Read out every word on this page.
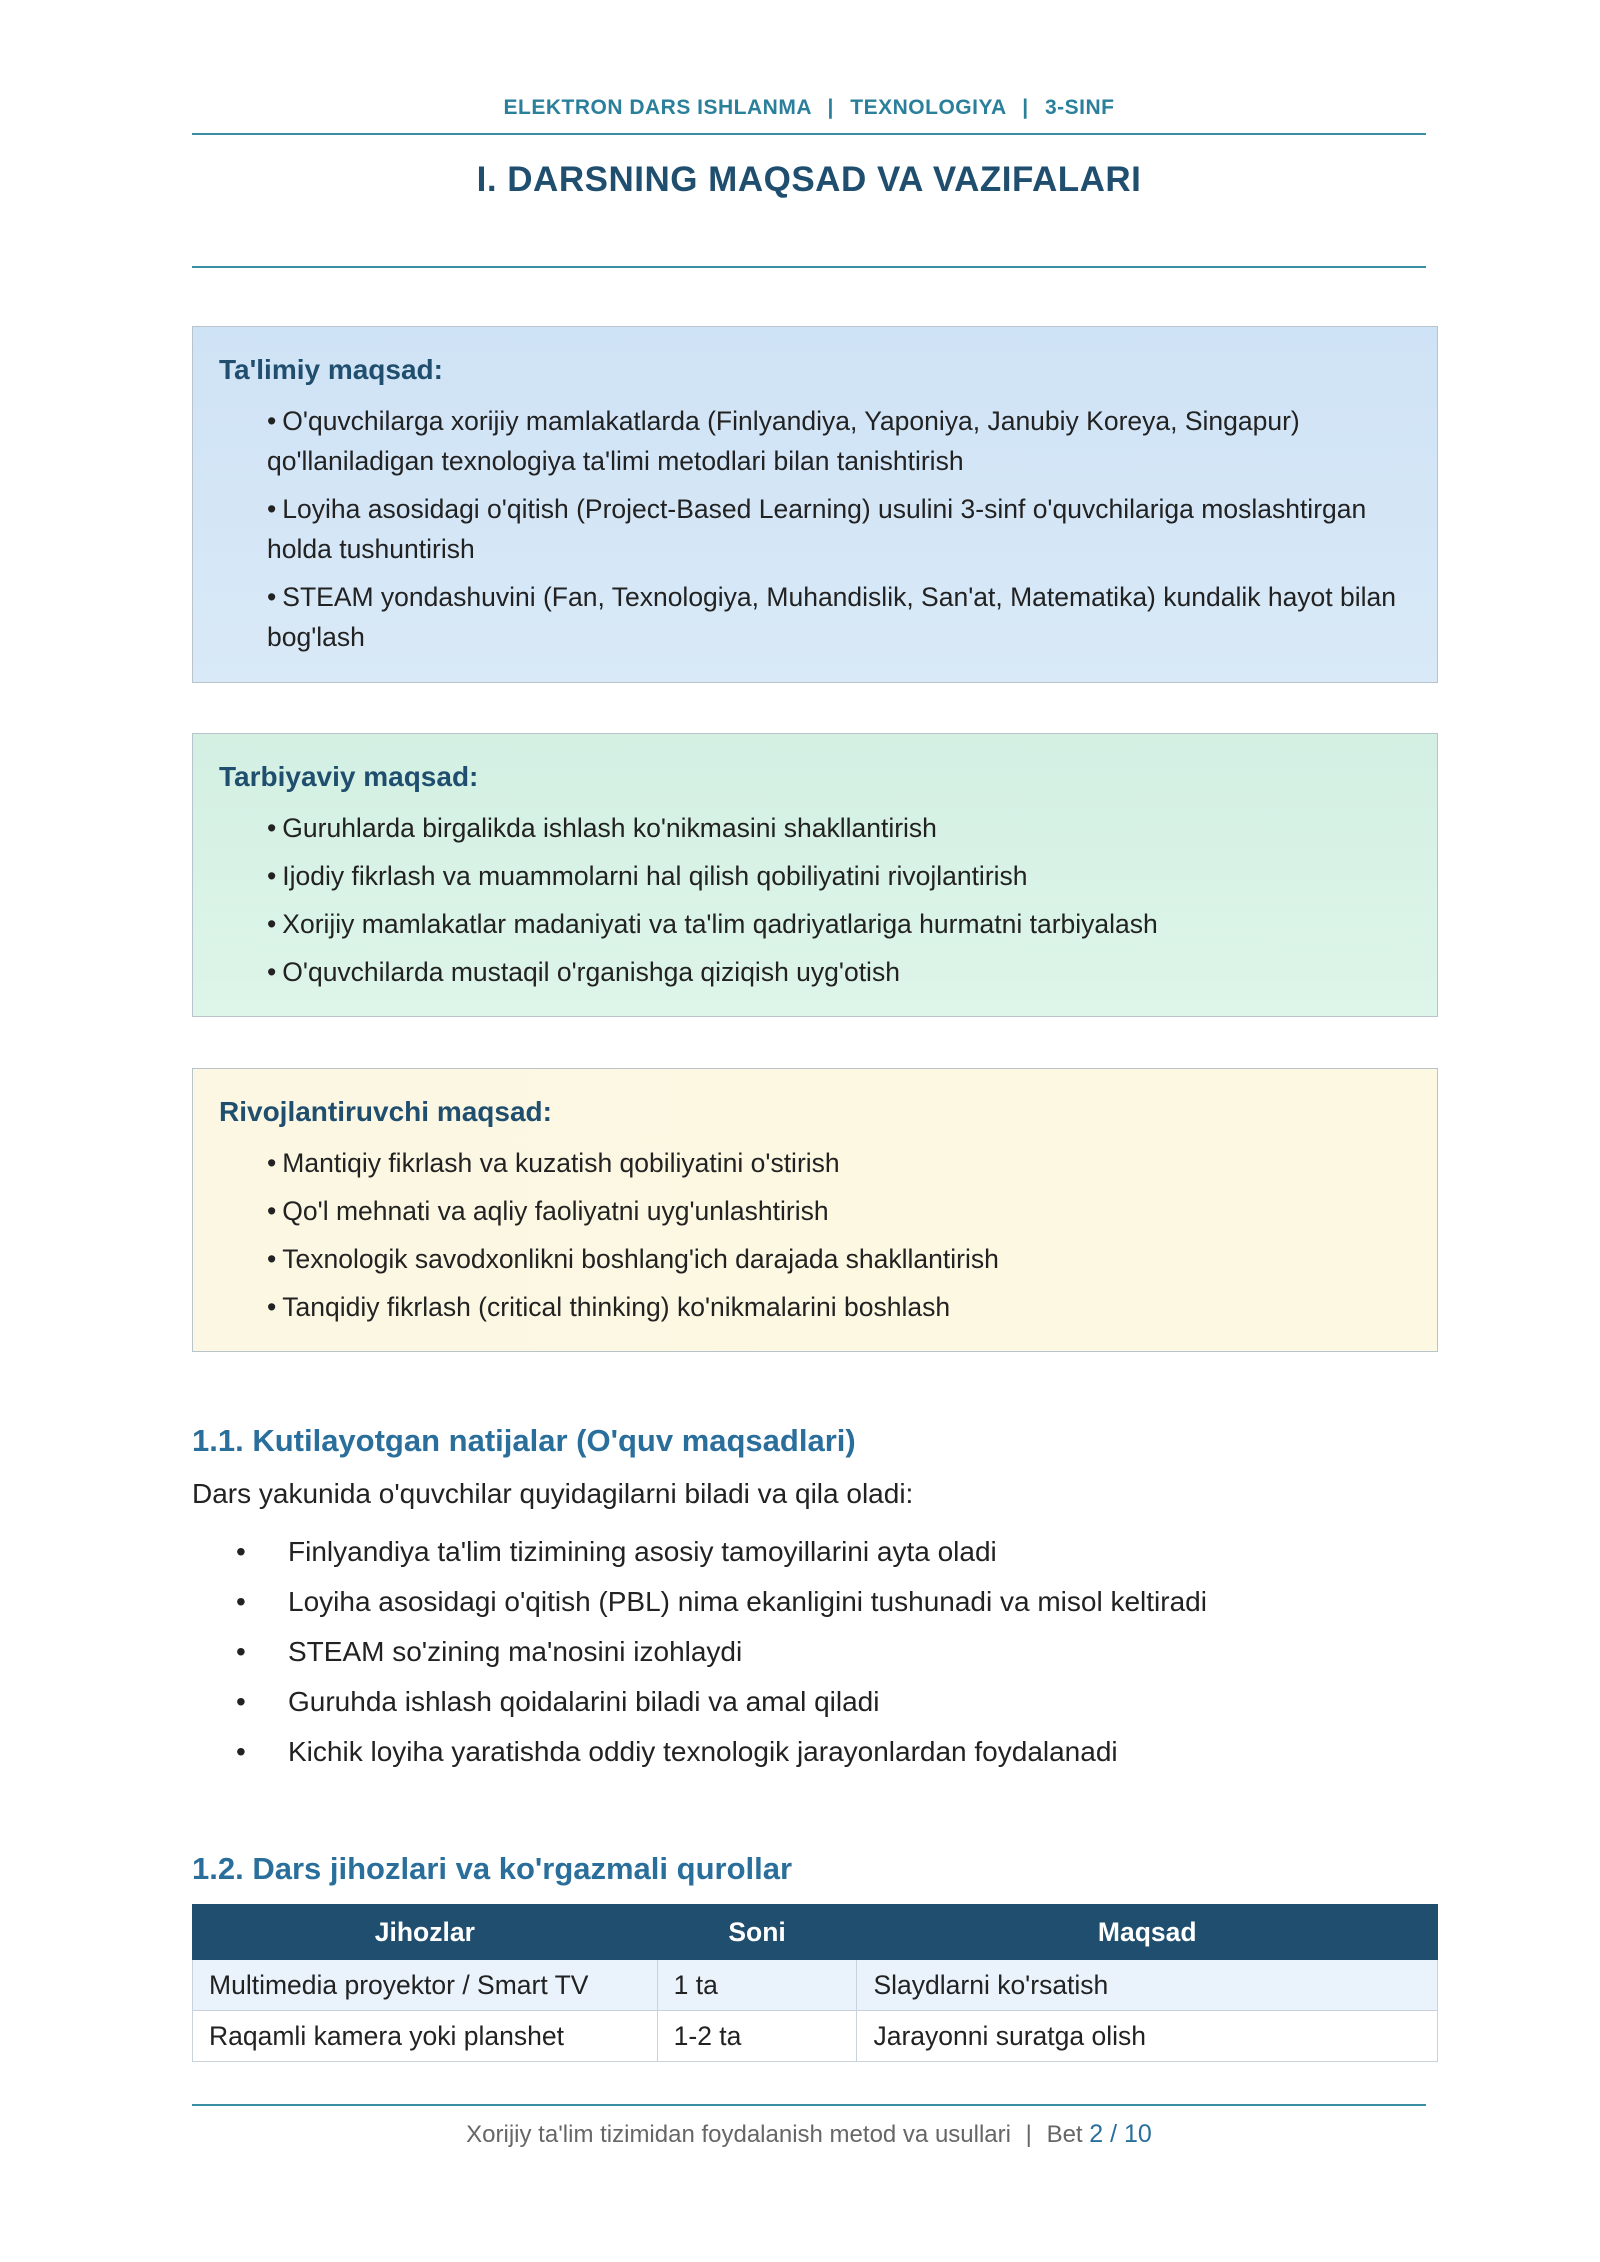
ELEKTRON DARS ISHLANMA | TEXNOLOGIYA | 3-SINF
I. DARSNING MAQSAD VA VAZIFALARI
Ta'limiy maqsad:
• O'quvchilarga xorijiy mamlakatlarda (Finlyandiya, Yaponiya, Janubiy Koreya, Singapur) qo'llaniladigan texnologiya ta'limi metodlari bilan tanishtirish
• Loyiha asosidagi o'qitish (Project-Based Learning) usulini 3-sinf o'quvchilariga moslashtirgan holda tushuntirish
• STEAM yondashuvini (Fan, Texnologiya, Muhandislik, San'at, Matematika) kundalik hayot bilan bog'lash
Tarbiyaviy maqsad:
• Guruhlarda birgalikda ishlash ko'nikmasini shakllantirish
• Ijodiy fikrlash va muammolarni hal qilish qobiliyatini rivojlantirish
• Xorijiy mamlakatlar madaniyati va ta'lim qadriyatlariga hurmatni tarbiyalash
• O'quvchilarda mustaqil o'rganishga qiziqish uyg'otish
Rivojlantiruvchi maqsad:
• Mantiqiy fikrlash va kuzatish qobiliyatini o'stirish
• Qo'l mehnati va aqliy faoliyatni uyg'unlashtirish
• Texnologik savodxonlikni boshlang'ich darajada shakllantirish
• Tanqidiy fikrlash (critical thinking) ko'nikmalarini boshlash
1.1. Kutilayotgan natijalar (O'quv maqsadlari)
Dars yakunida o'quvchilar quyidagilarni biladi va qila oladi:
• Finlyandiya ta'lim tizimining asosiy tamoyillarini ayta oladi
• Loyiha asosidagi o'qitish (PBL) nima ekanligini tushunadi va misol keltiradi
• STEAM so'zining ma'nosini izohlaydi
• Guruhda ishlash qoidalarini biladi va amal qiladi
• Kichik loyiha yaratishda oddiy texnologik jarayonlardan foydalanadi
1.2. Dars jihozlari va ko'rgazmali qurollar
Jihozlar	Soni	Maqsad
Multimedia proyektor / Smart TV	1 ta	Slaydlarni ko'rsatish
Raqamli kamera yoki planshet	1-2 ta	Jarayonni suratga olish
Xorijiy ta'lim tizimidan foydalanish metod va usullari | Bet 2 / 10
